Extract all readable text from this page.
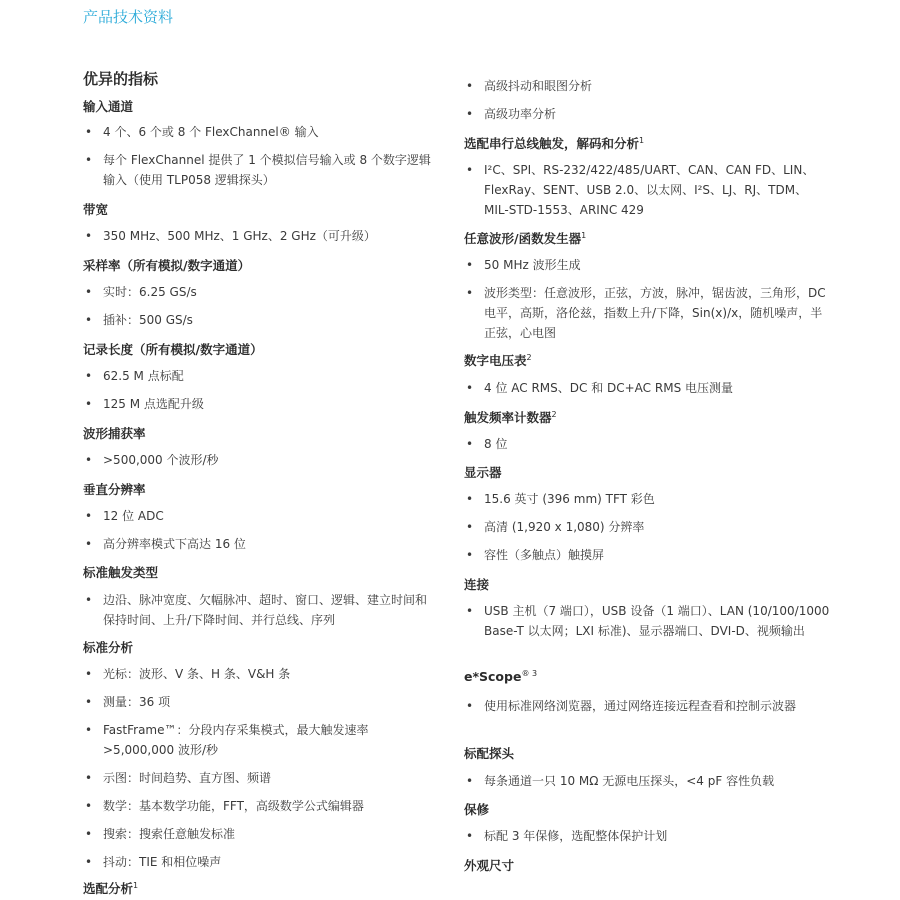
产品技术资料
优异的指标
输入通道
• 4 个、6 个或 8 个 FlexChannel® 输入
• 每个 FlexChannel 提供了 1 个模拟信号输入或 8 个数字逻辑输入（使用 TLP058 逻辑探头）
带宽
• 350 MHz、500 MHz、1 GHz、2 GHz（可升级）
采样率（所有模拟/数字通道）
• 实时：6.25 GS/s
• 插补：500 GS/s
记录长度（所有模拟/数字通道）
• 62.5 M 点标配
• 125 M 点选配升级
波形捕获率
• >500,000 个波形/秒
垂直分辨率
• 12 位 ADC
• 高分辨率模式下高达 16 位
标准触发类型
• 边沿、脉冲宽度、欠幅脉冲、超时、窗口、逻辑、建立时间和保持时间、上升/下降时间、并行总线、序列
标准分析
• 光标：波形、V 条、H 条、V&H 条
• 测量：36 项
• FastFrame™：分段内存采集模式，最大触发速率 >5,000,000 波形/秒
• 示图：时间趋势、直方图、频谱
• 数学：基本数学功能，FFT，高级数学公式编辑器
• 搜索：搜索任意触发标准
• 抖动：TIE 和相位噪声
选配分析$^1$
• 高级抖动和眼图分析
• 高级功率分析
选配串行总线触发，解码和分析$^1$
• I²C、SPI、RS-232/422/485/UART、CAN、CAN FD、LIN、FlexRay、SENT、USB 2.0、以太网、I²S、LJ、RJ、TDM、MIL-STD-1553、ARINC 429
任意波形/函数发生器$^1$
• 50 MHz 波形生成
• 波形类型：任意波形，正弦，方波，脉冲，锯齿波，三角形，DC 电平，高斯，洛伦兹，指数上升/下降，Sin(x)/x，随机噪声，半正弦，心电图
数字电压表$^2$
• 4 位 AC RMS、DC 和 DC+AC RMS 电压测量
触发频率计数器$^2$
• 8 位
显示器
• 15.6 英寸 (396 mm) TFT 彩色
• 高清 (1,920 x 1,080) 分辨率
• 容性（多触点）触摸屏
连接
• USB 主机（7 端口），USB 设备（1 端口）、LAN (10/100/1000 Base-T 以太网；LXI 标准)、显示器端口、DVI-D、视频输出
e*Scope$^{® 3}$
• 使用标准网络浏览器，通过网络连接远程查看和控制示波器
标配探头
• 每条通道一只 10 MΩ 无源电压探头，<4 pF 容性负载
保修
• 标配 3 年保修，选配整体保护计划
外观尺寸
